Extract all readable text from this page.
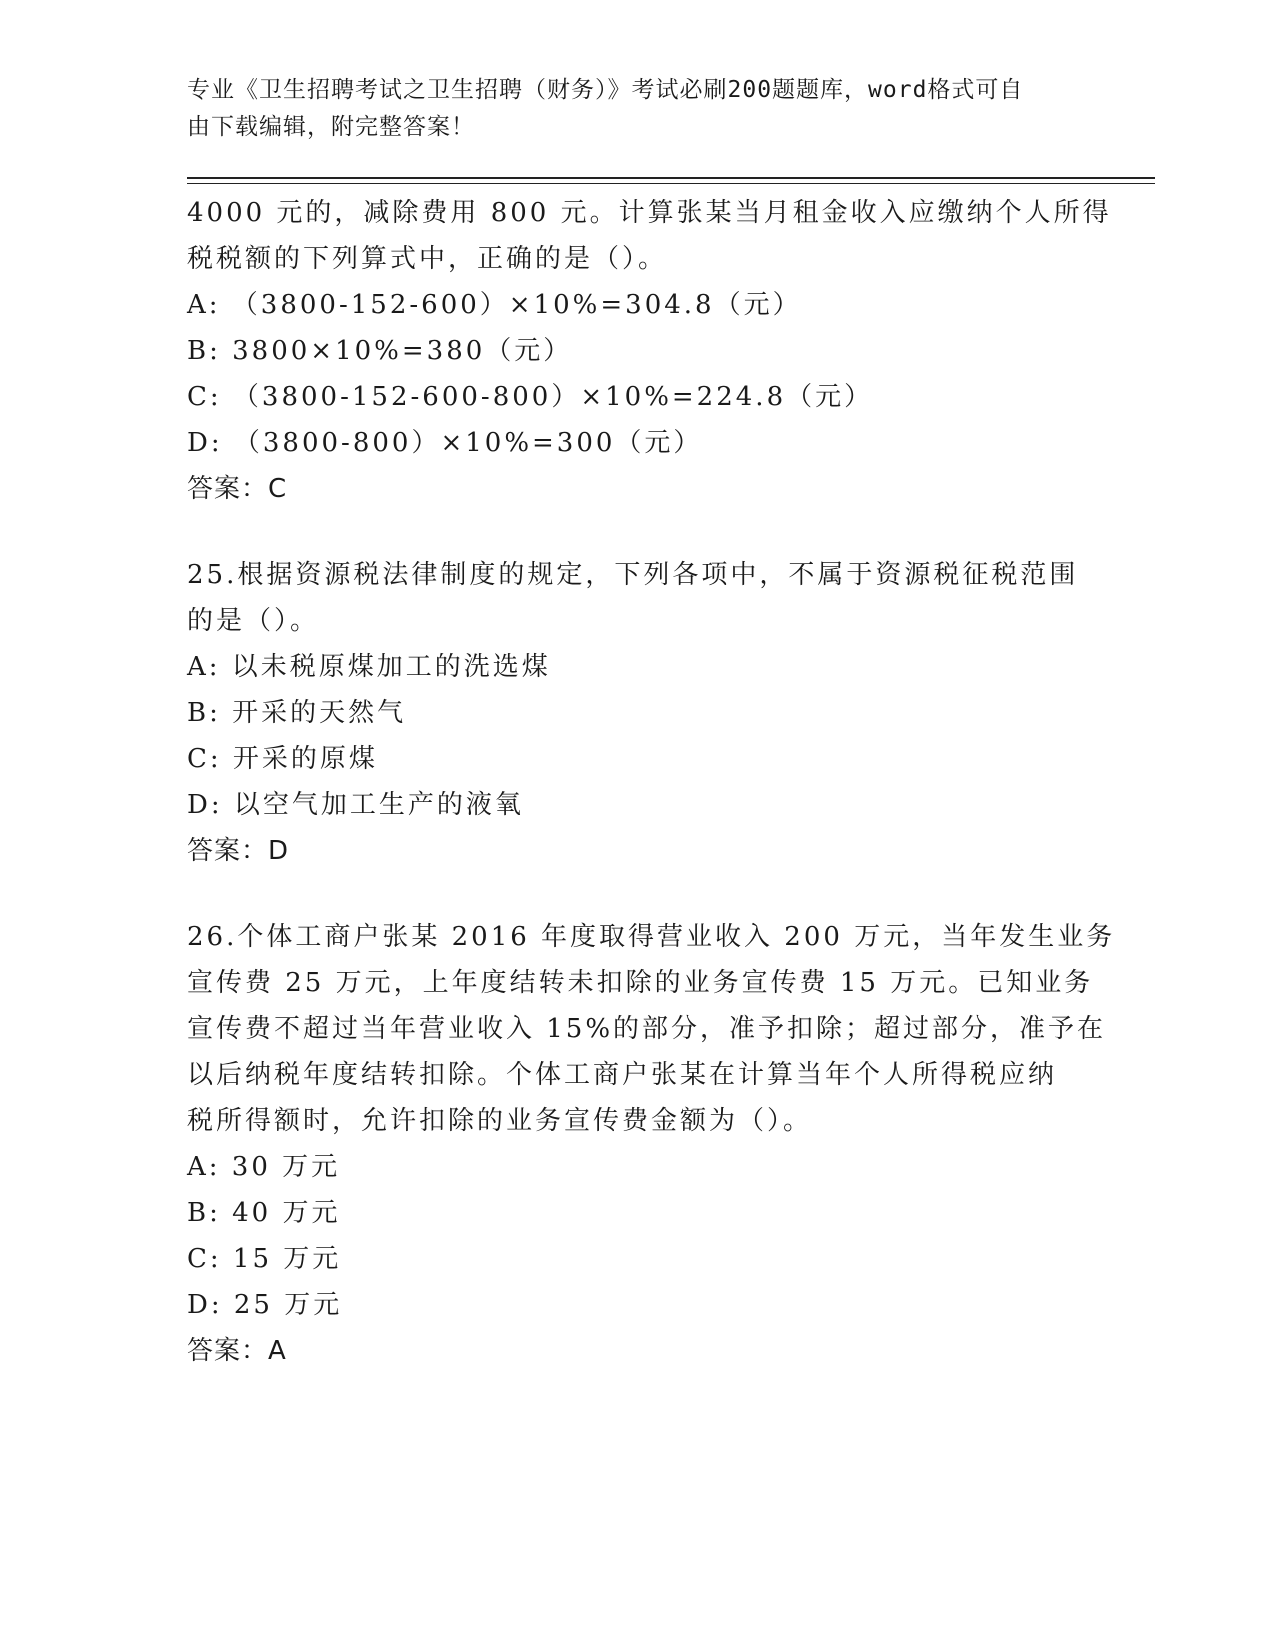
专业《卫生招聘考试之卫生招聘（财务）》考试必刷200题题库，word格式可自
由下载编辑，附完整答案！
4000 元的，减除费用 800 元。计算张某当月租金收入应缴纳个人所得
税税额的下列算式中，正确的是（）。
A: （3800-152-600）×10%=304.8（元）
B: 3800×10%=380（元）
C: （3800-152-600-800）×10%=224.8（元）
D: （3800-800）×10%=300（元）
答案：C
25.根据资源税法律制度的规定，下列各项中，不属于资源税征税范围
的是（）。
A: 以未税原煤加工的洗选煤
B: 开采的天然气
C: 开采的原煤
D: 以空气加工生产的液氧
答案：D
26.个体工商户张某 2016 年度取得营业收入 200 万元，当年发生业务
宣传费 25 万元，上年度结转未扣除的业务宣传费 15 万元。已知业务
宣传费不超过当年营业收入 15%的部分，准予扣除；超过部分，准予在
以后纳税年度结转扣除。个体工商户张某在计算当年个人所得税应纳
税所得额时，允许扣除的业务宣传费金额为（）。
A: 30 万元
B: 40 万元
C: 15 万元
D: 25 万元
答案：A
